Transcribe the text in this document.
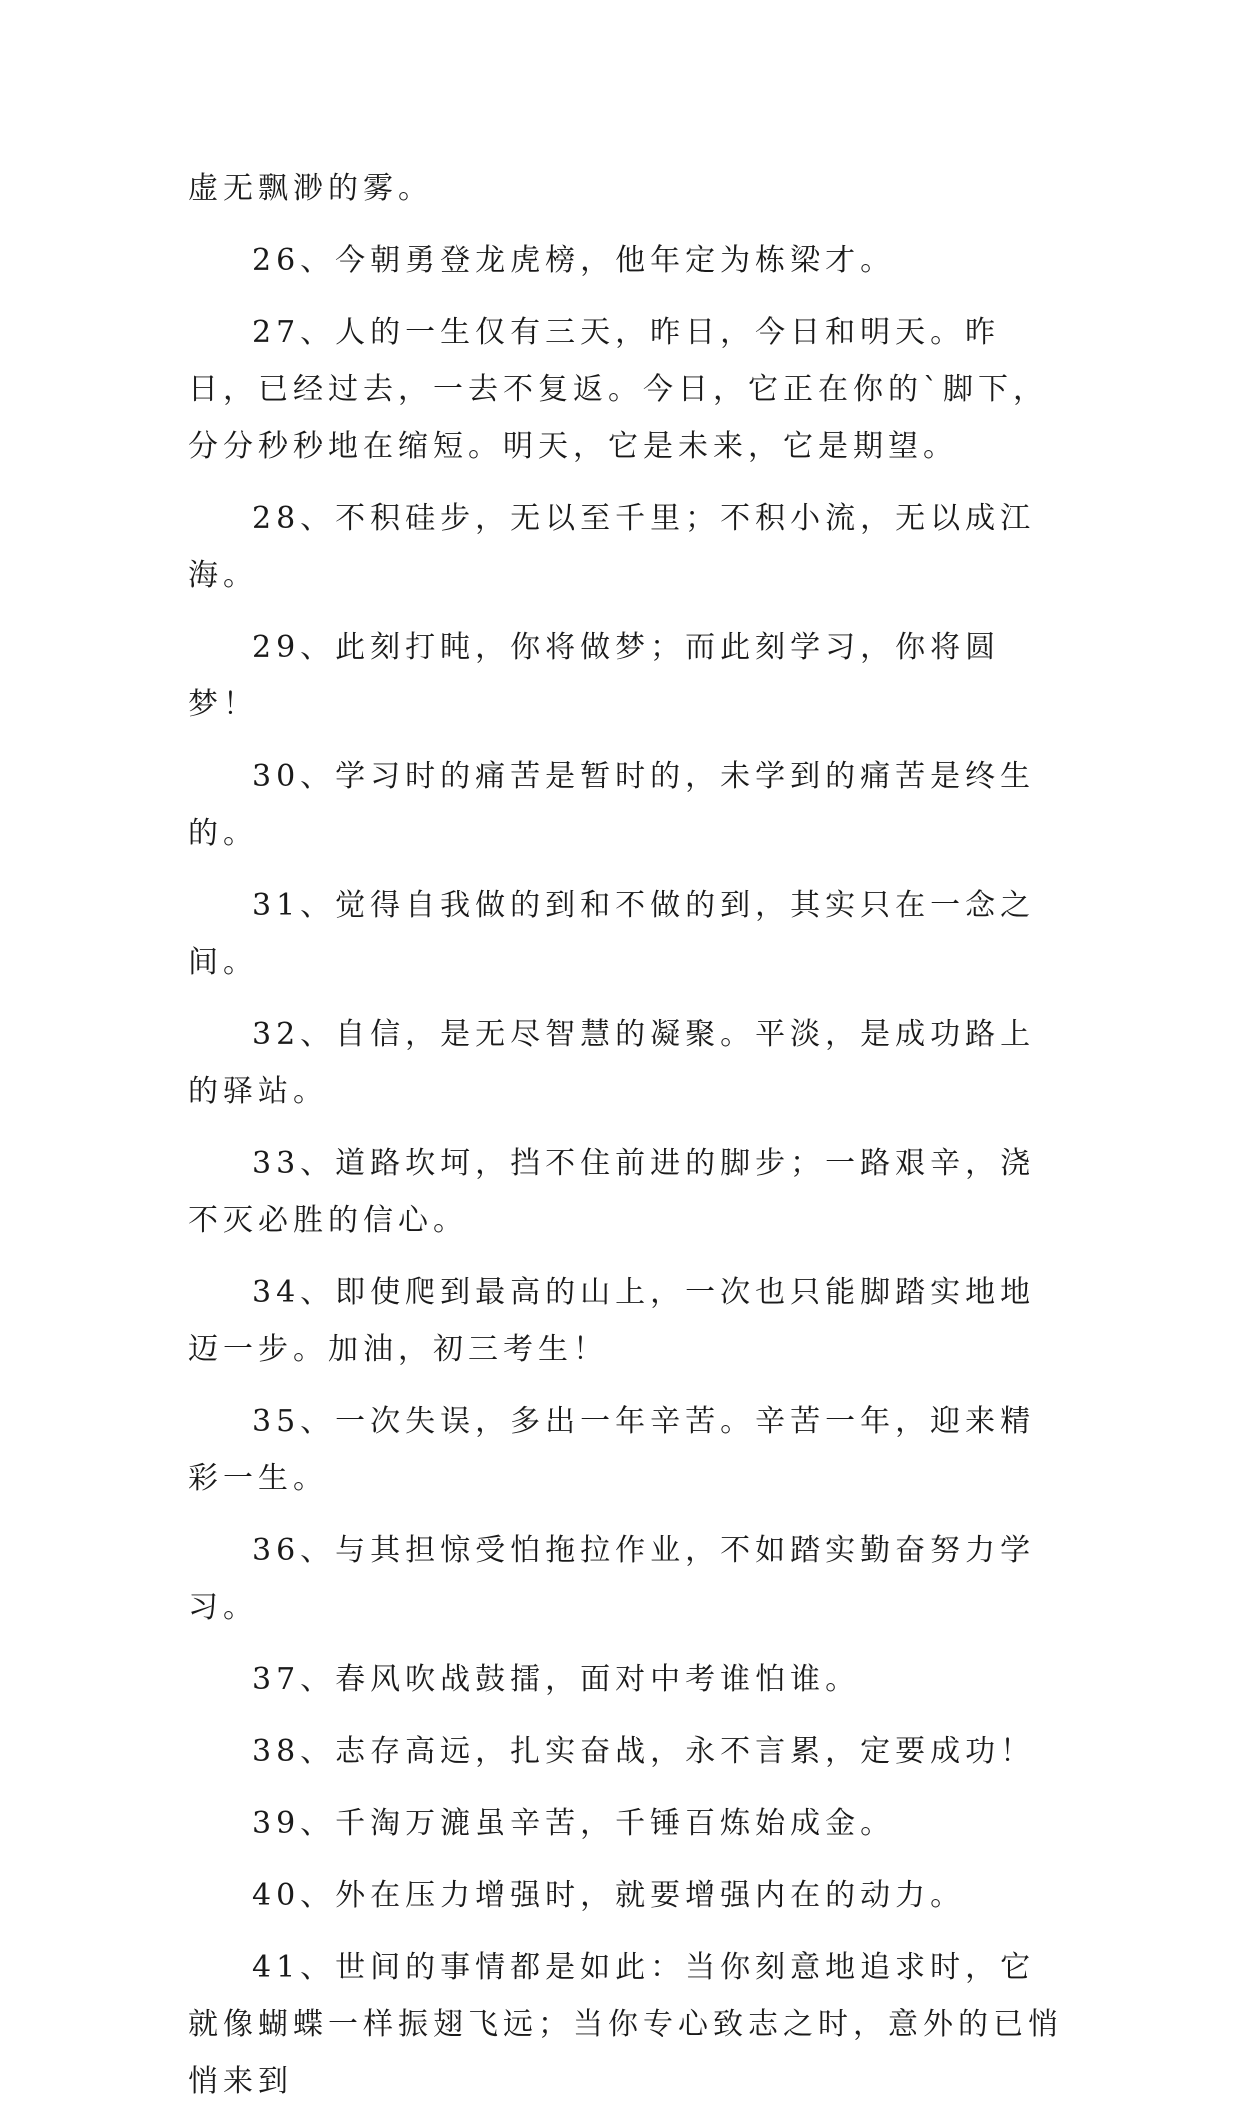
虚无飘渺的雾。

26、今朝勇登龙虎榜，他年定为栋梁才。

27、人的一生仅有三天，昨日，今日和明天。昨日，已经过去，一去不复返。今日，它正在你的`脚下，分分秒秒地在缩短。明天，它是未来，它是期望。

28、不积硅步，无以至千里；不积小流，无以成江海。

29、此刻打盹，你将做梦；而此刻学习，你将圆梦！

30、学习时的痛苦是暂时的，未学到的痛苦是终生的。

31、觉得自我做的到和不做的到，其实只在一念之间。

32、自信，是无尽智慧的凝聚。平淡，是成功路上的驿站。

33、道路坎坷，挡不住前进的脚步；一路艰辛，浇不灭必胜的信心。

34、即使爬到最高的山上，一次也只能脚踏实地地迈一步。加油，初三考生！

35、一次失误，多出一年辛苦。辛苦一年，迎来精彩一生。

36、与其担惊受怕拖拉作业，不如踏实勤奋努力学习。

37、春风吹战鼓擂，面对中考谁怕谁。

38、志存高远，扎实奋战，永不言累，定要成功！

39、千淘万漉虽辛苦，千锤百炼始成金。

40、外在压力增强时，就要增强内在的动力。

41、世间的事情都是如此：当你刻意地追求时，它就像蝴蝶一样振翅飞远；当你专心致志之时，意外的已悄悄来到
